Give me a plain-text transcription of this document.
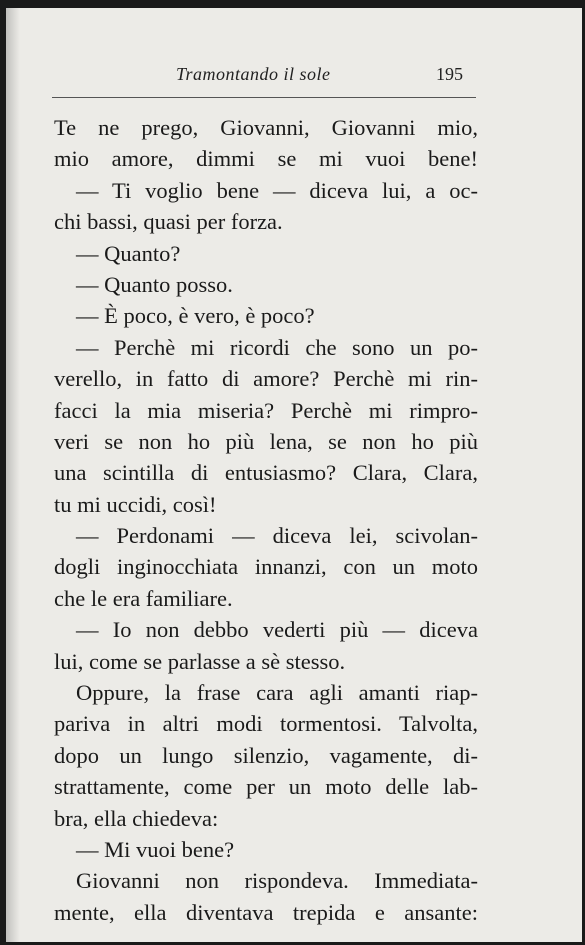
Tramontando il sole	195
Te ne prego, Giovanni, Giovanni mio,
mio amore, dimmi se mi vuoi bene!
— Ti voglio bene — diceva lui, a oc-
chi bassi, quasi per forza.
— Quanto?
— Quanto posso.
— È poco, è vero, è poco?
— Perchè mi ricordi che sono un po-
verello, in fatto di amore? Perchè mi rin-
facci la mia miseria? Perchè mi rimpro-
veri se non ho più lena, se non ho più
una scintilla di entusiasmo? Clara, Clara,
tu mi uccidi, così!
— Perdonami — diceva lei, scivolan-
dogli inginocchiata innanzi, con un moto
che le era familiare.
— Io non debbo vederti più — diceva
lui, come se parlasse a sè stesso.
Oppure, la frase cara agli amanti riap-
pariva in altri modi tormentosi. Talvolta,
dopo un lungo silenzio, vagamente, di-
strattamente, come per un moto delle lab-
bra, ella chiedeva:
— Mi vuoi bene?
Giovanni non rispondeva. Immediata-
mente, ella diventava trepida e ansante:
